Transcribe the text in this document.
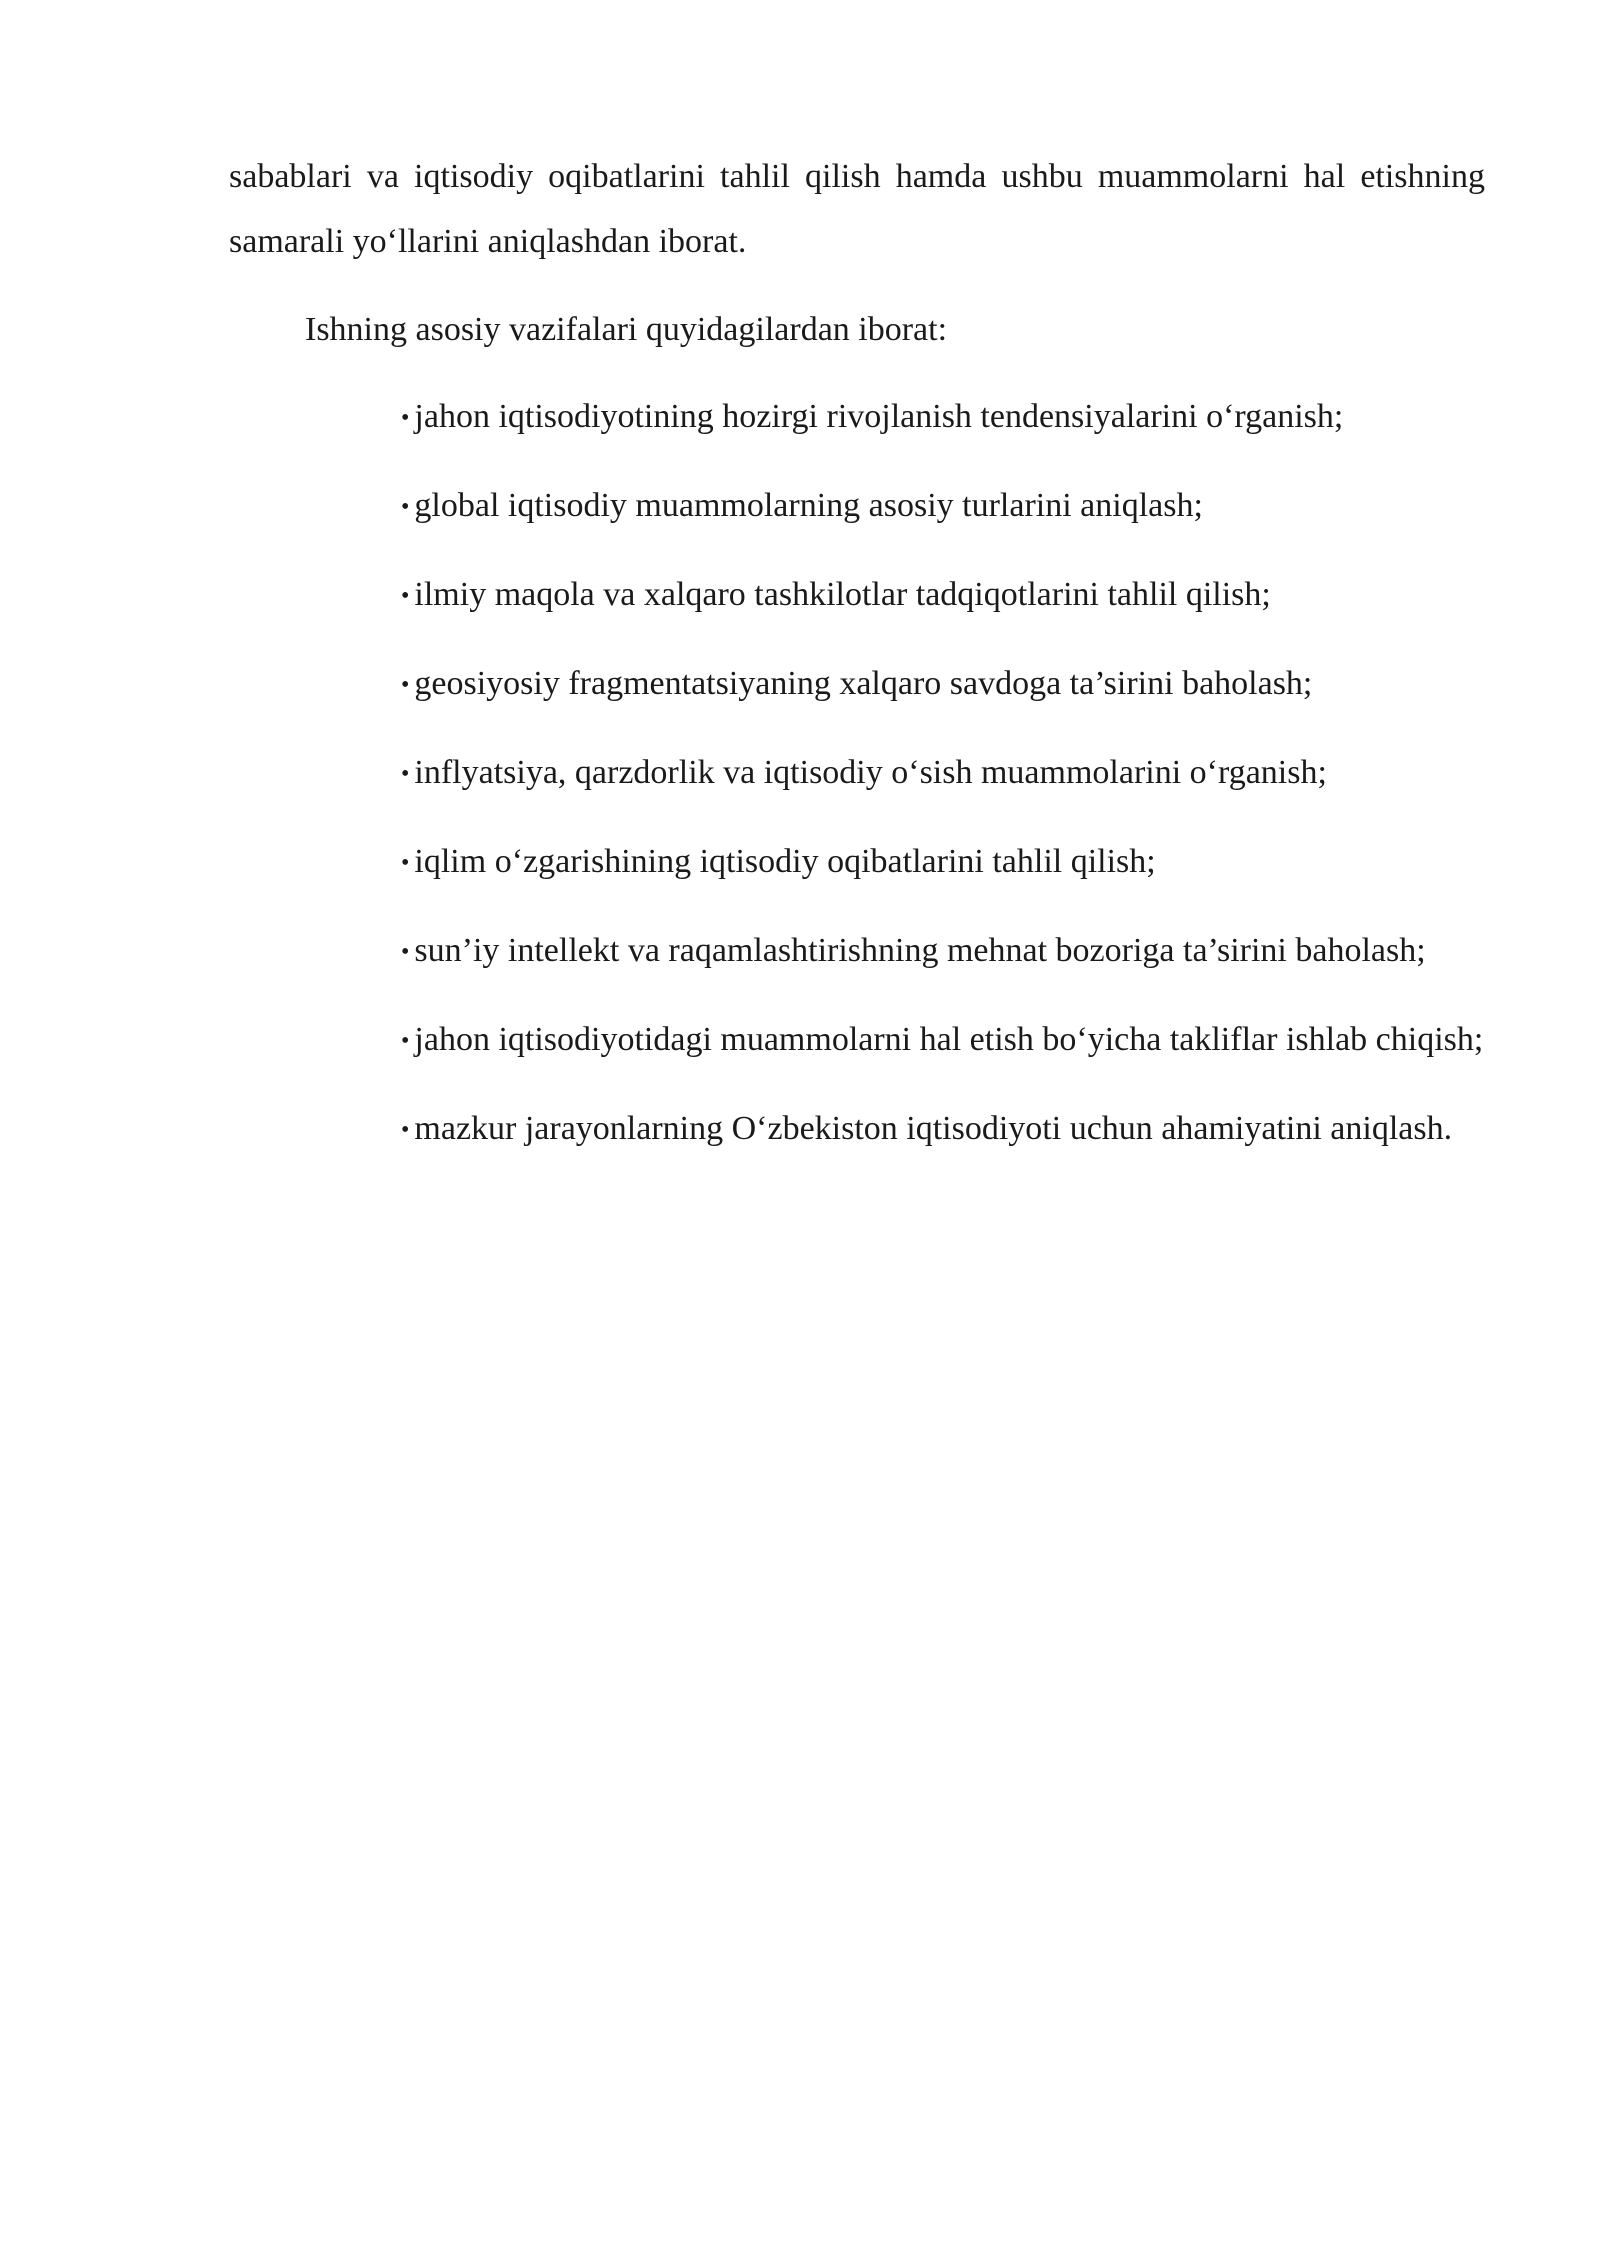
sabablari va iqtisodiy oqibatlarini tahlil qilish hamda ushbu muammolarni hal etishning samarali yo‘llarini aniqlashdan iborat.

Ishning asosiy vazifalari quyidagilardan iborat:

• jahon iqtisodiyotining hozirgi rivojlanish tendensiyalarini o‘rganish;
• global iqtisodiy muammolarning asosiy turlarini aniqlash;
• ilmiy maqola va xalqaro tashkilotlar tadqiqotlarini tahlil qilish;
• geosiyosiy fragmentatsiyaning xalqaro savdoga ta’sirini baholash;
• inflyatsiya, qarzdorlik va iqtisodiy o‘sish muammolarini o‘rganish;
• iqlim o‘zgarishining iqtisodiy oqibatlarini tahlil qilish;
• sun’iy intellekt va raqamlashtirishning mehnat bozoriga ta’sirini baholash;
• jahon iqtisodiyotidagi muammolarni hal etish bo‘yicha takliflar ishlab chiqish;
• mazkur jarayonlarning O‘zbekiston iqtisodiyoti uchun ahamiyatini aniqlash.
